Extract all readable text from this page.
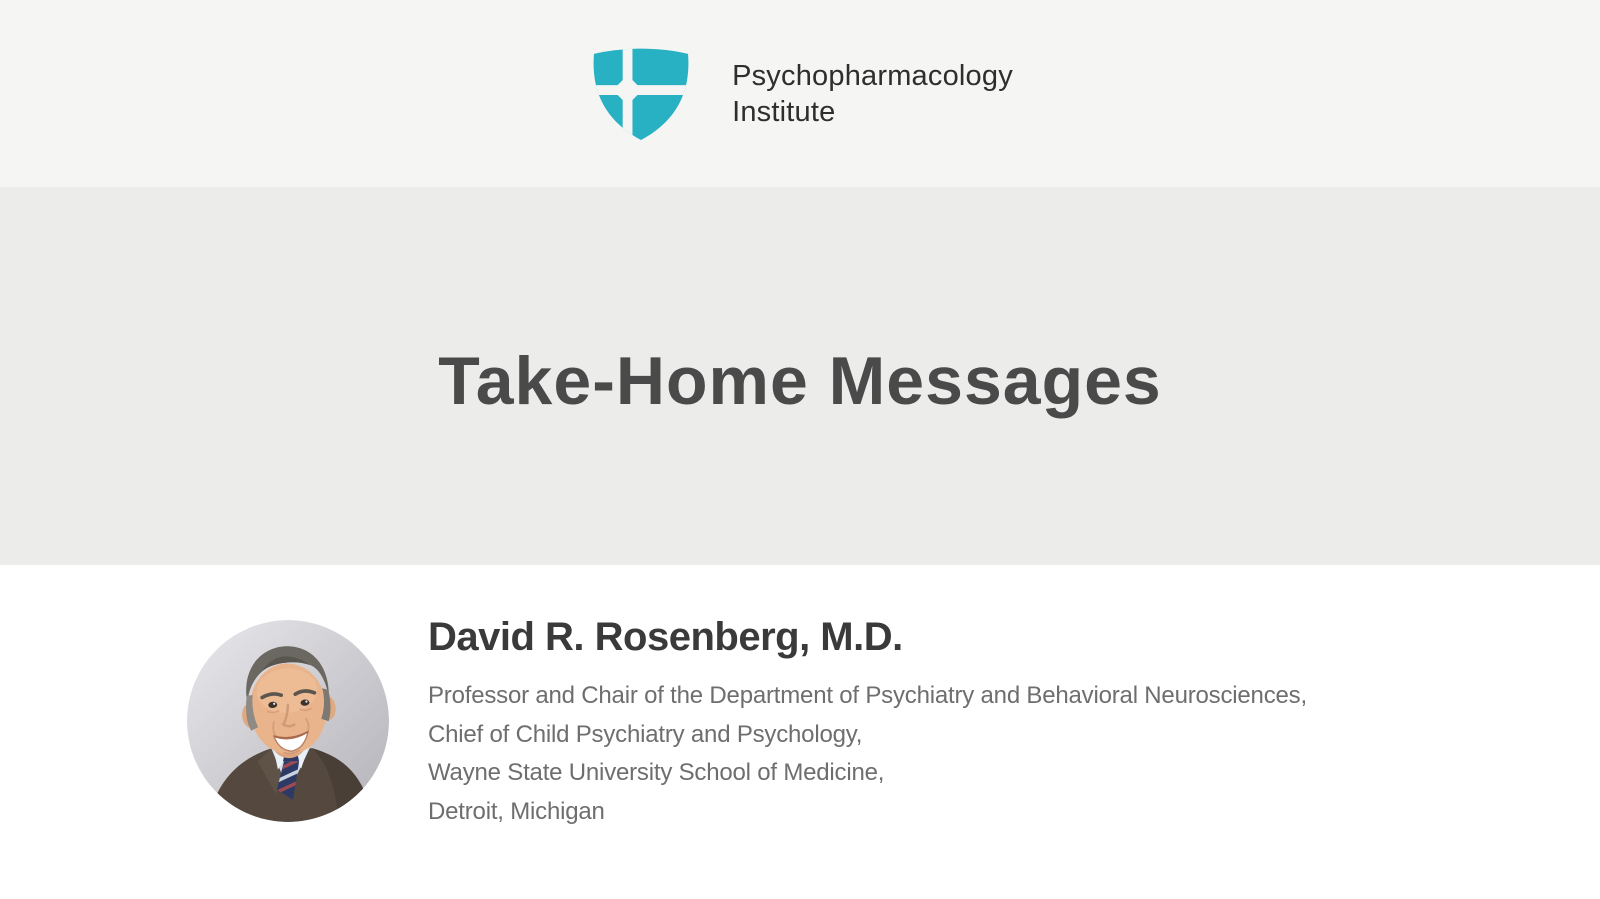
Psychopharmacology
Institute
Take-Home Messages
David R. Rosenberg, M.D.
Professor and Chair of the Department of Psychiatry and Behavioral Neurosciences,
Chief of Child Psychiatry and Psychology,
Wayne State University School of Medicine,
Detroit, Michigan
